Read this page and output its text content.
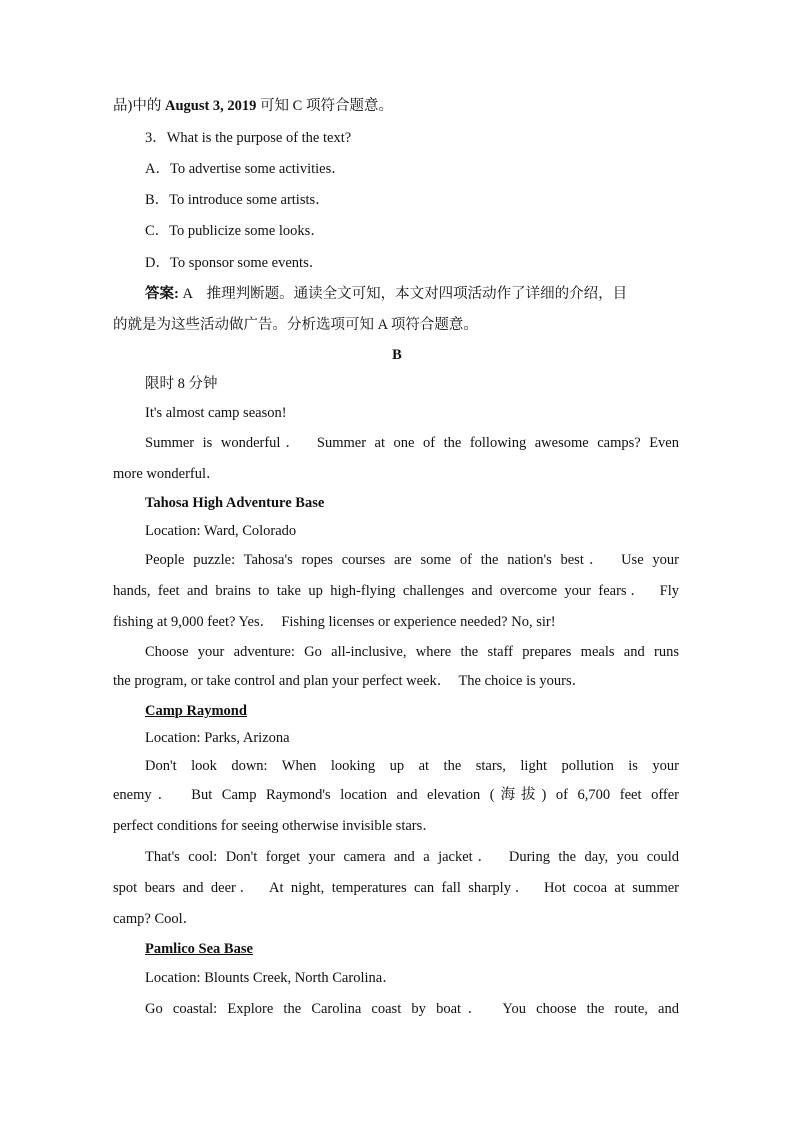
品)中的 August 3, 2019 可知 C 项符合题意。
3．What is the purpose of the text?
A．To advertise some activities．
B．To introduce some artists．
C．To publicize some looks．
D．To sponsor some events．
答案: A　推理判断题。通读全文可知，本文对四项活动作了详细的介绍，目
的就是为这些活动做广告。分析选项可知 A 项符合题意。
B
限时 8 分钟
It's almost camp season!
Summer is wonderful．　Summer at one of the following awesome camps? Even
more wonderful．
Tahosa High Adventure Base
Location: Ward, Colorado
People puzzle: Tahosa's ropes courses are some of the nation's best．　Use your
hands, feet and brains to take up high-flying challenges and overcome your fears．　Fly
fishing at 9,000 feet? Yes．　Fishing licenses or experience needed? No, sir!
Choose your adventure: Go all-inclusive, where the staff prepares meals and runs
the program, or take control and plan your perfect week．　The choice is yours．
Camp Raymond
Location: Parks, Arizona
Don't look down: When looking up at the stars, light pollution is your
enemy．　But Camp Raymond's location and elevation (海拔) of 6,700 feet offer
perfect conditions for seeing otherwise invisible stars．
That's cool: Don't forget your camera and a jacket．　During the day, you could
spot bears and deer．　At night, temperatures can fall sharply．　Hot cocoa at summer
camp? Cool．
Pamlico Sea Base
Location: Blounts Creek, North Carolina．
Go coastal: Explore the Carolina coast by boat．　You choose the route, and
